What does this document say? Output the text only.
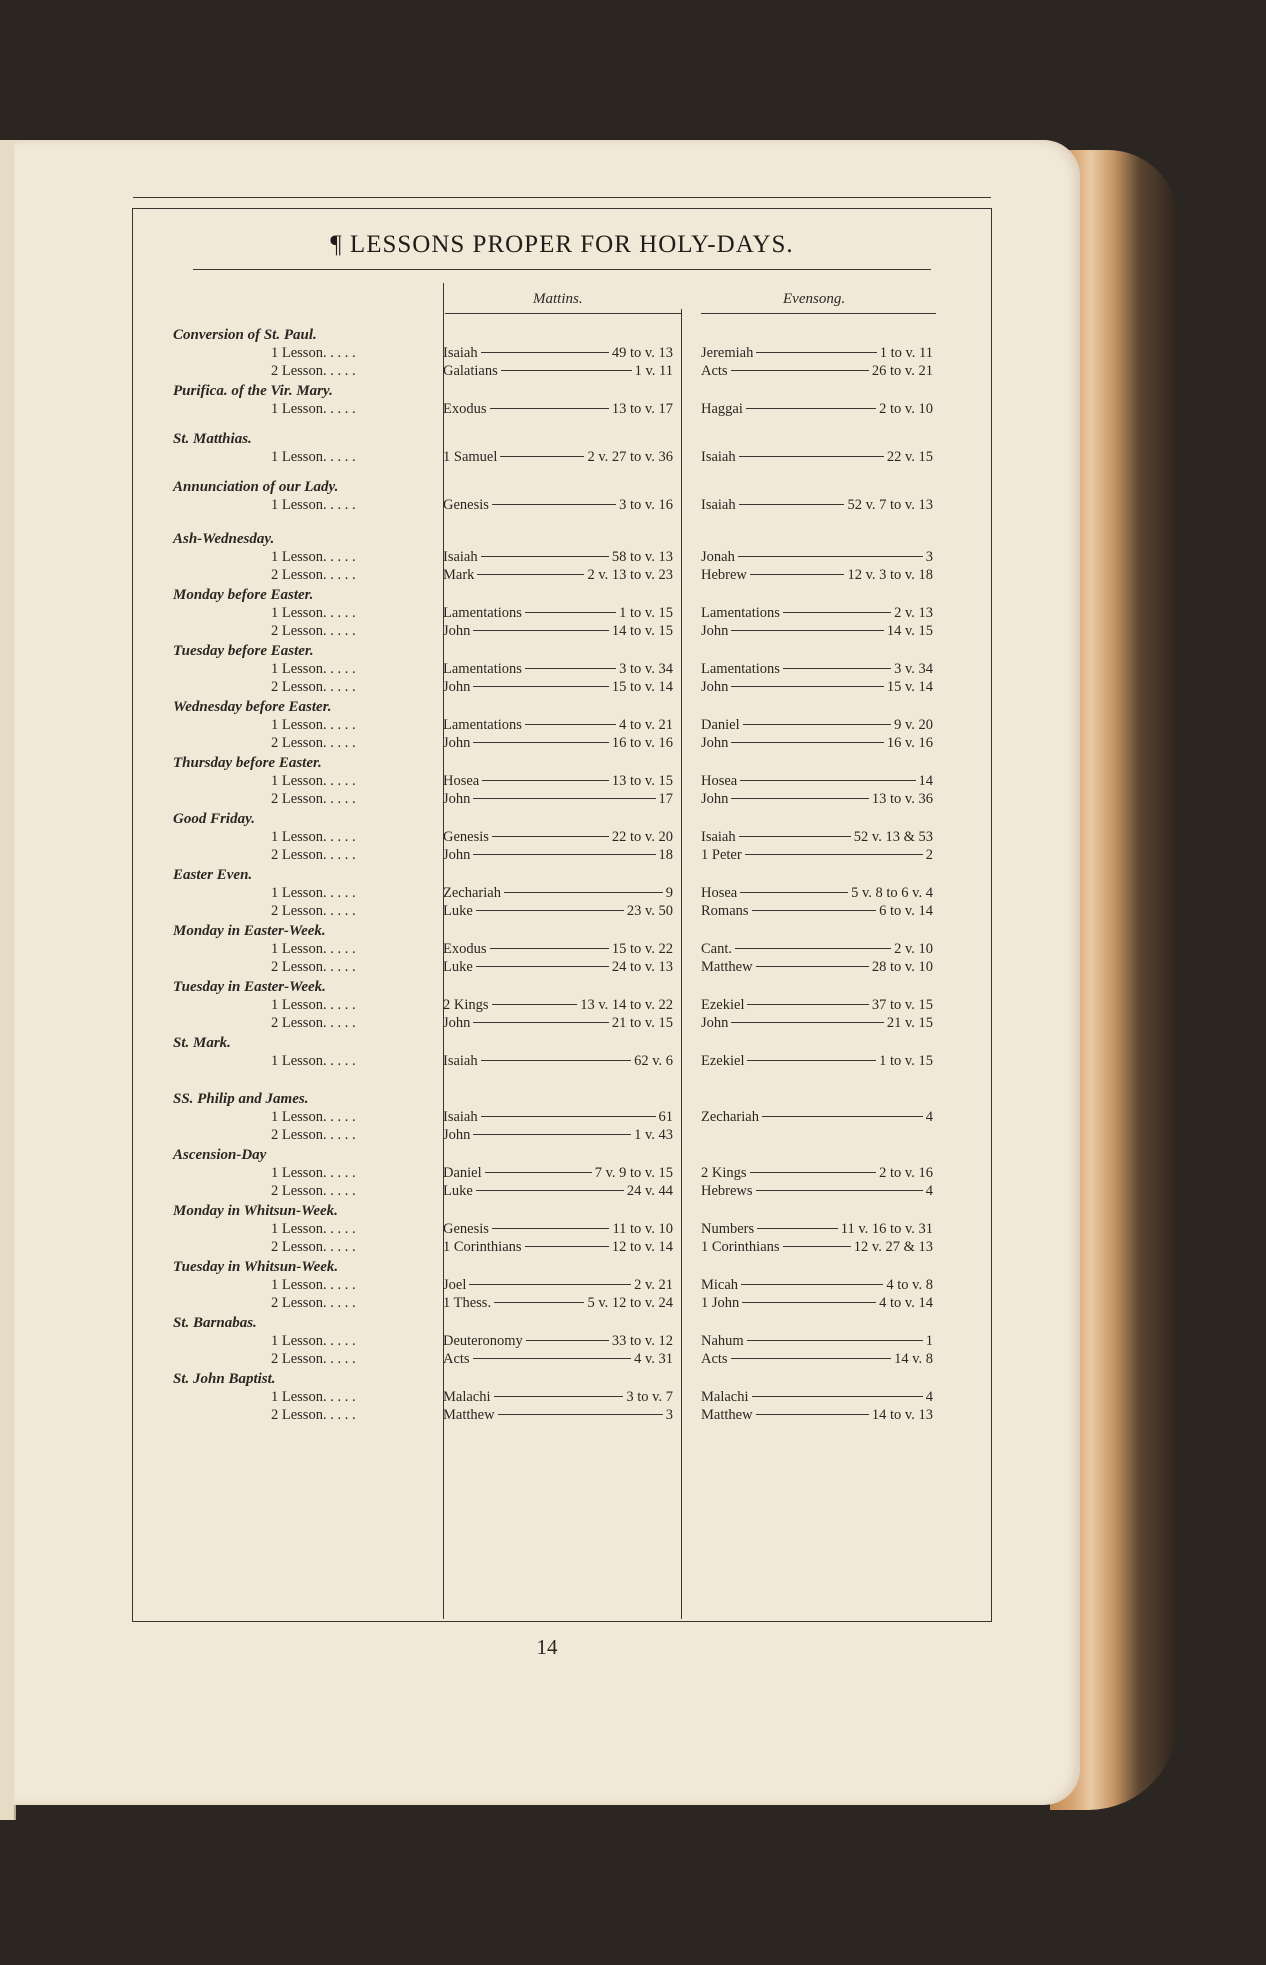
¶ LESSONS PROPER FOR HOLY-DAYS.
Mattins.	Evensong.
Conversion of St. Paul.
1 Lesson. . . . .	Isaiah	49 to v. 13 Jeremiah	1 to v. 11
2 Lesson. . . . .	Galatians	1 v. 11 Acts	26 to v. 21
Purifica. of the Vir. Mary.
1 Lesson. . . . .	Exodus	13 to v. 17 Haggai	2 to v. 10
St. Matthias.
1 Lesson. . . . .	1 Samuel	2 v. 27 to v. 36 Isaiah	22 v. 15
Annunciation of our Lady.
1 Lesson. . . . .	Genesis	3 to v. 16 Isaiah	52 v. 7 to v. 13
Ash-Wednesday.
1 Lesson. . . . .	Isaiah	58 to v. 13 Jonah	3
2 Lesson. . . . .	Mark	2 v. 13 to v. 23 Hebrew	12 v. 3 to v. 18
Monday before Easter.
1 Lesson. . . . .	Lamentations	1 to v. 15 Lamentations	2 v. 13
2 Lesson. . . . .	John	14 to v. 15 John	14 v. 15
Tuesday before Easter.
1 Lesson. . . . .	Lamentations	3 to v. 34 Lamentations	3 v. 34
2 Lesson. . . . .	John	15 to v. 14 John	15 v. 14
Wednesday before Easter.
1 Lesson. . . . .	Lamentations	4 to v. 21 Daniel	9 v. 20
2 Lesson. . . . .	John	16 to v. 16 John	16 v. 16
Thursday before Easter.
1 Lesson. . . . .	Hosea	13 to v. 15 Hosea	14
2 Lesson. . . . .	John	17 John	13 to v. 36
Good Friday.
1 Lesson. . . . .	Genesis	22 to v. 20 Isaiah	52 v. 13 & 53
2 Lesson. . . . .	John	18 1 Peter	2
Easter Even.
1 Lesson. . . . .	Zechariah	9 Hosea	5 v. 8 to 6 v. 4
2 Lesson. . . . .	Luke	23 v. 50 Romans	6 to v. 14
Monday in Easter-Week.
1 Lesson. . . . .	Exodus	15 to v. 22 Cant.	2 v. 10
2 Lesson. . . . .	Luke	24 to v. 13 Matthew	28 to v. 10
Tuesday in Easter-Week.
1 Lesson. . . . .	2 Kings	13 v. 14 to v. 22 Ezekiel	37 to v. 15
2 Lesson. . . . .	John	21 to v. 15 John	21 v. 15
St. Mark.
1 Lesson. . . . .	Isaiah	62 v. 6 Ezekiel	1 to v. 15
SS. Philip and James.
1 Lesson. . . . .	Isaiah	61 Zechariah	4
2 Lesson. . . . .	John	1 v. 43
Ascension-Day
1 Lesson. . . . .	Daniel	7 v. 9 to v. 15 2 Kings	2 to v. 16
2 Lesson. . . . .	Luke	24 v. 44 Hebrews	4
Monday in Whitsun-Week.
1 Lesson. . . . .	Genesis	11 to v. 10 Numbers	11 v. 16 to v. 31
2 Lesson. . . . .	1 Corinthians	12 to v. 14 1 Corinthians	12 v. 27 & 13
Tuesday in Whitsun-Week.
1 Lesson. . . . .	Joel	2 v. 21 Micah	4 to v. 8
2 Lesson. . . . .	1 Thess.	5 v. 12 to v. 24 1 John	4 to v. 14
St. Barnabas.
1 Lesson. . . . .	Deuteronomy	33 to v. 12 Nahum	1
2 Lesson. . . . .	Acts	4 v. 31 Acts	14 v. 8
St. John Baptist.
1 Lesson. . . . .	Malachi	3 to v. 7 Malachi	4
2 Lesson. . . . .	Matthew	3 Matthew	14 to v. 13
14
